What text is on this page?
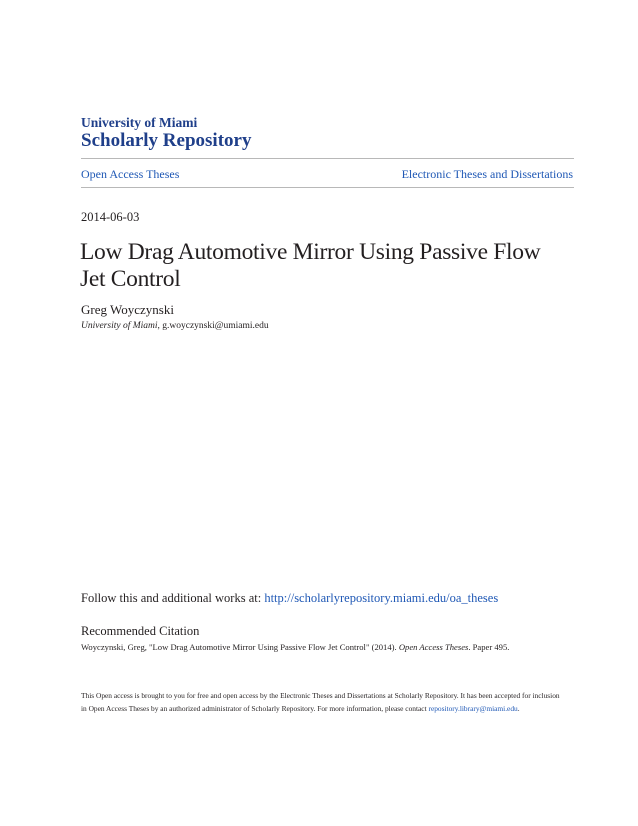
University of Miami
Scholarly Repository
Open Access Theses	Electronic Theses and Dissertations
2014-06-03
Low Drag Automotive Mirror Using Passive Flow Jet Control
Greg Woyczynski
University of Miami, g.woyczynski@umiami.edu
Follow this and additional works at: http://scholarlyrepository.miami.edu/oa_theses
Recommended Citation
Woyczynski, Greg, "Low Drag Automotive Mirror Using Passive Flow Jet Control" (2014). Open Access Theses. Paper 495.
This Open access is brought to you for free and open access by the Electronic Theses and Dissertations at Scholarly Repository. It has been accepted for inclusion in Open Access Theses by an authorized administrator of Scholarly Repository. For more information, please contact repository.library@miami.edu.
